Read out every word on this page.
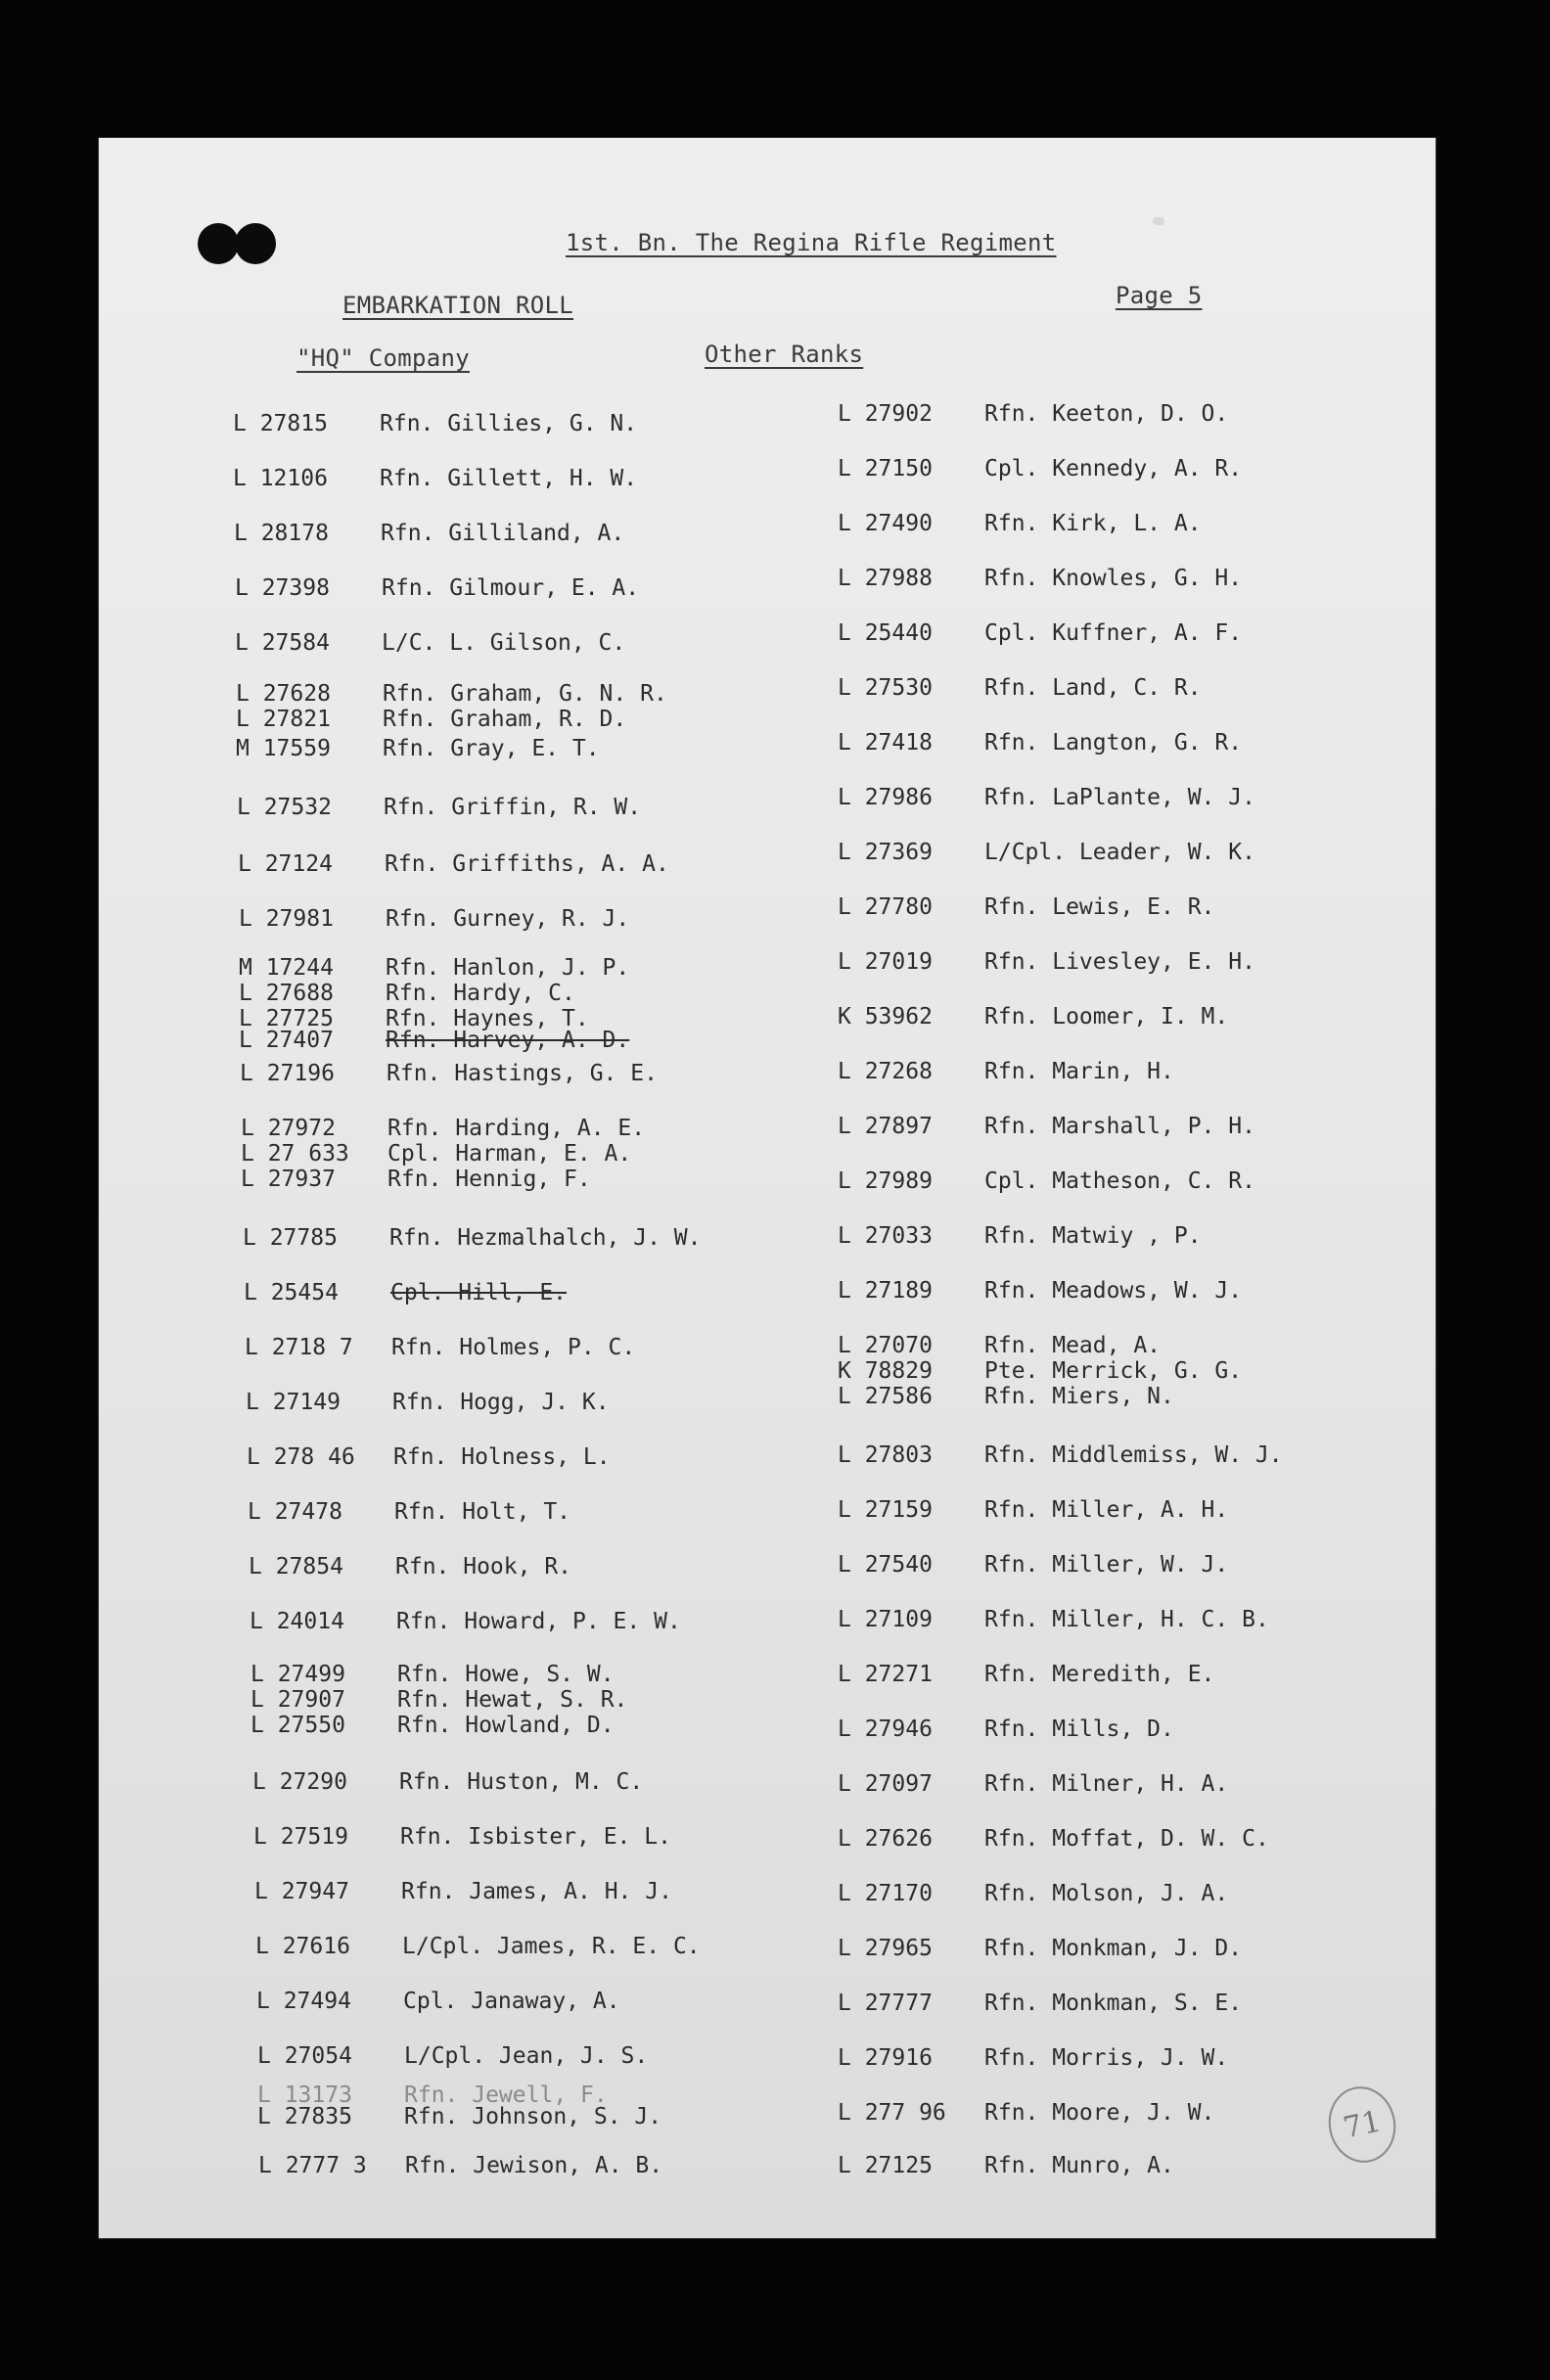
1st. Bn. The Regina Rifle Regiment
EMBARKATION ROLL	Page 5
"HQ" Company	Other Ranks
L 27815 Rfn. Gillies, G. N.
L 12106 Rfn. Gillett, H. W.
L 28178 Rfn. Gilliland, A.
L 27398 Rfn. Gilmour, E. A.
L 27584 L/C. L. Gilson, C.
L 27628 Rfn. Graham, G. N. R.
L 27821 Rfn. Graham, R. D.
M 17559 Rfn. Gray, E. T.
L 27532 Rfn. Griffin, R. W.
L 27124 Rfn. Griffiths, A. A.
L 27981 Rfn. Gurney, R. J.
M 17244 Rfn. Hanlon, J. P.
L 27688 Rfn. Hardy, C.
L 27725 Rfn. Haynes, T.
L 27407 Rfn. Harvey, A. D.
L 27196 Rfn. Hastings, G. E.
L 27972 Rfn. Harding, A. E.
L 27 633 Cpl. Harman, E. A.
L 27937 Rfn. Hennig, F.
L 27785 Rfn. Hezmalhalch, J. W.
L 25454 Cpl. Hill, E.
L 2718 7 Rfn. Holmes, P. C.
L 27149 Rfn. Hogg, J. K.
L 278 46 Rfn. Holness, L.
L 27478 Rfn. Holt, T.
L 27854 Rfn. Hook, R.
L 24014 Rfn. Howard, P. E. W.
L 27499 Rfn. Howe, S. W.
L 27907 Rfn. Hewat, S. R.
L 27550 Rfn. Howland, D.
L 27290 Rfn. Huston, M. C.
L 27519 Rfn. Isbister, E. L.
L 27947 Rfn. James, A. H. J.
L 27616 L/Cpl. James, R. E. C.
L 27494 Cpl. Janaway, A.
L 27054 L/Cpl. Jean, J. S.
L 13173 Rfn. Jewell, F.
L 27835 Rfn. Johnson, S. J.
L 2777 3 Rfn. Jewison, A. B.
L 27902 Rfn. Keeton, D. O.
L 27150 Cpl. Kennedy, A. R.
L 27490 Rfn. Kirk, L. A.
L 27988 Rfn. Knowles, G. H.
L 25440 Cpl. Kuffner, A. F.
L 27530 Rfn. Land, C. R.
L 27418 Rfn. Langton, G. R.
L 27986 Rfn. LaPlante, W. J.
L 27369 L/Cpl. Leader, W. K.
L 27780 Rfn. Lewis, E. R.
L 27019 Rfn. Livesley, E. H.
K 53962 Rfn. Loomer, I. M.
L 27268 Rfn. Marin, H.
L 27897 Rfn. Marshall, P. H.
L 27989 Cpl. Matheson, C. R.
L 27033 Rfn. Matwiy , P.
L 27189 Rfn. Meadows, W. J.
L 27070 Rfn. Mead, A.
K 78829 Pte. Merrick, G. G.
L 27586 Rfn. Miers, N.
L 27803 Rfn. Middlemiss, W. J.
L 27159 Rfn. Miller, A. H.
L 27540 Rfn. Miller, W. J.
L 27109 Rfn. Miller, H. C. B.
L 27271 Rfn. Meredith, E.
L 27946 Rfn. Mills, D.
L 27097 Rfn. Milner, H. A.
L 27626 Rfn. Moffat, D. W. C.
L 27170 Rfn. Molson, J. A.
L 27965 Rfn. Monkman, J. D.
L 27777 Rfn. Monkman, S. E.
L 27916 Rfn. Morris, J. W.
L 277 96 Rfn. Moore, J. W.
L 27125 Rfn. Munro, A.
71
